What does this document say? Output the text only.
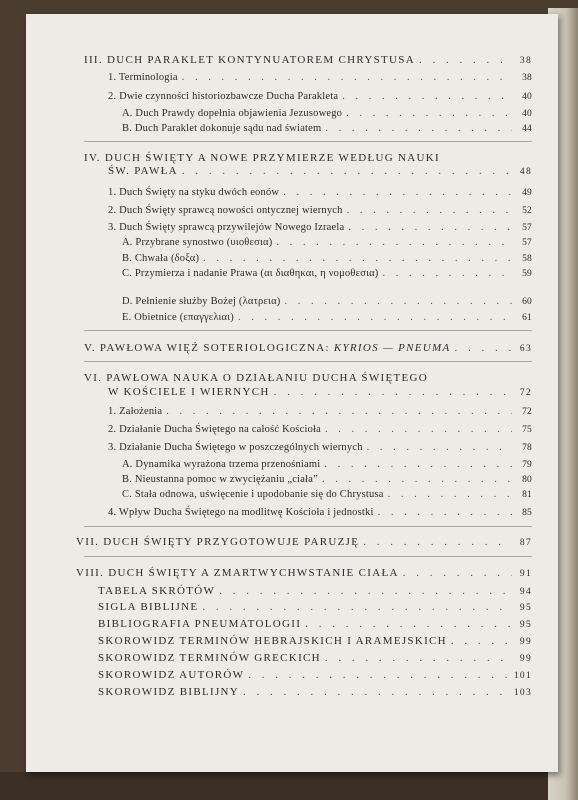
III. DUCH PARAKLET KONTYNUATOREM CHRYSTUSA . . .	38
1. Terminologia . . .	38
2. Dwie czynności historiozbawcze Ducha Parakleta . . .	40
A. Duch Prawdy dopełnia objawienia Jezusowego . . .	40
B. Duch Paraklet dokonuje sądu nad światem . . .	44
IV. DUCH ŚWIĘTY A NOWE PRZYMIERZE WEDŁUG NAUKI
ŚW. PAWŁA . . .	48
1. Duch Święty na styku dwóch eonów . . .	49
2. Duch Święty sprawcą nowości ontycznej wiernych . . .	52
3. Duch Święty sprawcą przywilejów Nowego Izraela . . .	57
A. Przybrane synostwo (υιοθεσια) . . .	57
B. Chwała (δοξα) . . .	58
C. Przymierza i nadanie Prawa (αι διαθηκαι, η νομοθεσια) . . .	59
D. Pełnienie służby Bożej (λατρεια) . . .	60
E. Obietnice (επαγγελιαι) . . .	61
V. PAWŁOWA WIĘŹ SOTERIOLOGICZNA: KYRIOS — PNEUMA . . .	63
VI. PAWŁOWA NAUKA O DZIAŁANIU DUCHA ŚWIĘTEGO
W KOŚCIELE I WIERNYCH . . .	72
1. Założenia . . .	72
2. Działanie Ducha Świętego na całość Kościoła . . .	75
3. Działanie Ducha Świętego w poszczególnych wiernych . . .	78
A. Dynamika wyrażona trzema przenośniami . . .	79
B. Nieustanna pomoc w zwyciężaniu „ciała” . . .	80
C. Stała odnowa, uświęcenie i upodobanie się do Chrystusa . . .	81
4. Wpływ Ducha Świętego na modlitwę Kościoła i jednostki . . .	85
VII. DUCH ŚWIĘTY PRZYGOTOWUJE PARUZJĘ . . .	87
VIII. DUCH ŚWIĘTY A ZMARTWYCHWSTANIE CIAŁA . . .	91
TABELA SKRÓTÓW . . .	94
SIGLA BIBLIJNE . . .	95
BIBLIOGRAFIA PNEUMATOLOGII . . .	95
SKOROWIDZ TERMINÓW HEBRAJSKICH I ARAMEJSKICH . . .	99
SKOROWIDZ TERMINÓW GRECKICH . . .	99
SKOROWIDZ AUTORÓW . . .	101
SKOROWIDZ BIBLIJNY . . .	103
